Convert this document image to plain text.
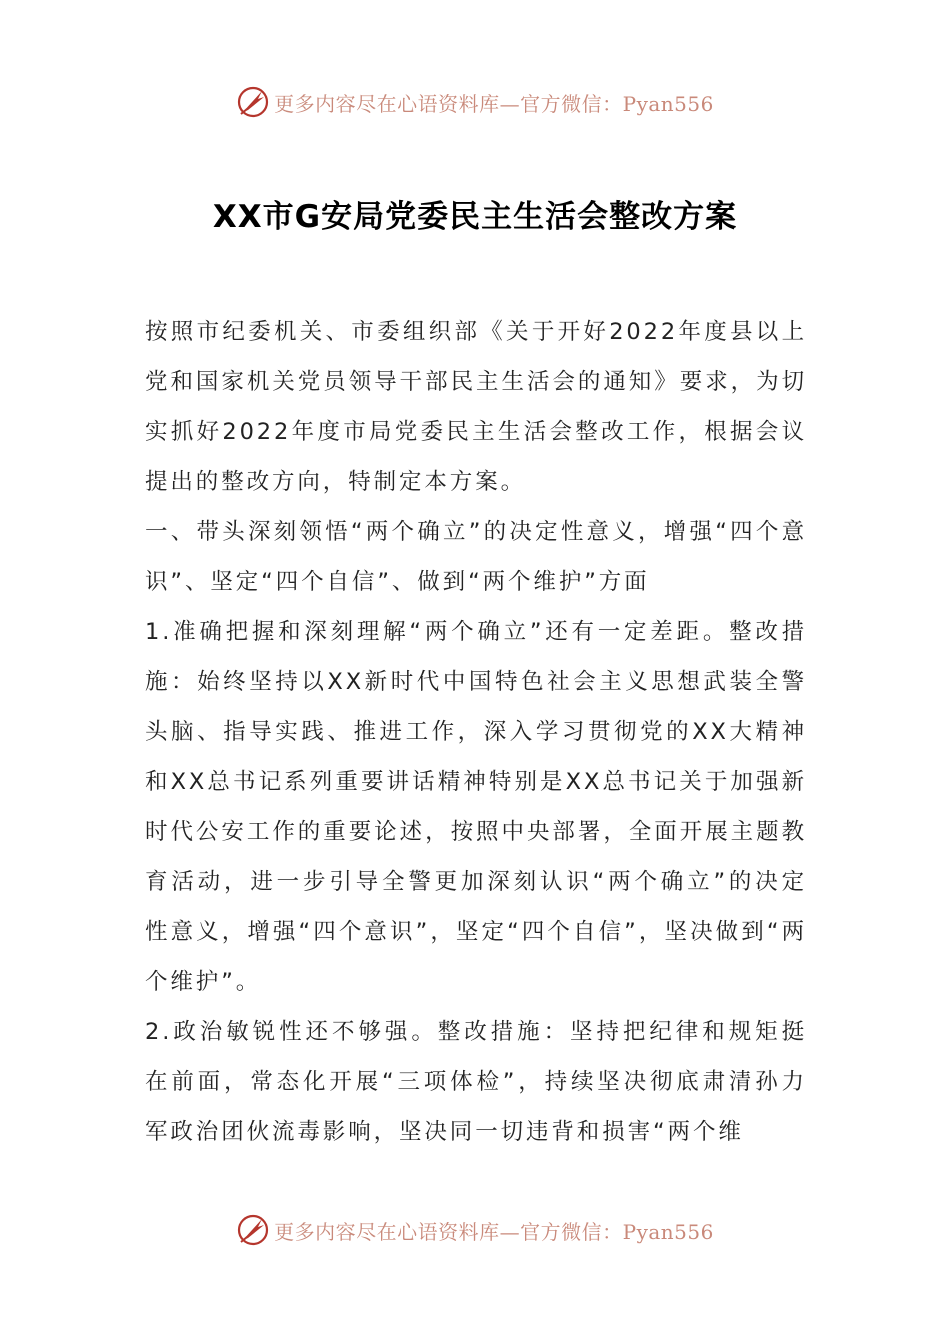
更多内容尽在心语资料库—官方微信：Pyan556
XX市G安局党委民主生活会整改方案

按照市纪委机关、市委组织部《关于开好2022年度县以上党和国家机关党员领导干部民主生活会的通知》要求，为切实抓好2022年度市局党委民主生活会整改工作，根据会议提出的整改方向，特制定本方案。

一、带头深刻领悟“两个确立”的决定性意义，增强“四个意识”、坚定“四个自信”、做到“两个维护”方面

1.准确把握和深刻理解“两个确立”还有一定差距。整改措施：始终坚持以XX新时代中国特色社会主义思想武装全警头脑、指导实践、推进工作，深入学习贯彻党的XX大精神和XX总书记系列重要讲话精神特别是XX总书记关于加强新时代公安工作的重要论述，按照中央部署，全面开展主题教育活动，进一步引导全警更加深刻认识“两个确立”的决定性意义，增强“四个意识”，坚定“四个自信”，坚决做到“两个维护”。

2.政治敏锐性还不够强。整改措施：坚持把纪律和规矩挺在前面，常态化开展“三项体检”，持续坚决彻底肃清孙力军政治团伙流毒影响，坚决同一切违背和损害“两个维

更多内容尽在心语资料库—官方微信：Pyan556
